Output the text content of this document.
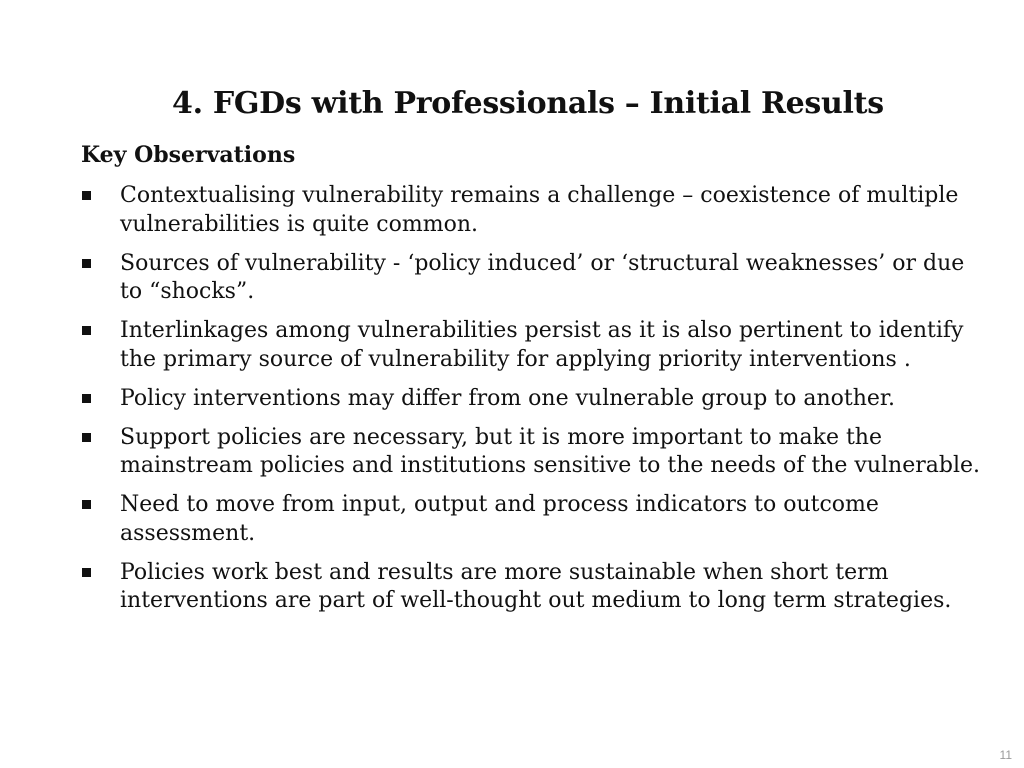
4. FGDs with Professionals – Initial Results
Key Observations
Contextualising vulnerability remains a challenge – coexistence of multiple vulnerabilities is quite common.
Sources of vulnerability - ‘policy induced’ or ‘structural weaknesses’ or due to “shocks”.
Interlinkages among vulnerabilities persist as it is also pertinent to identify the primary source of vulnerability for applying priority interventions .
Policy interventions may differ from one vulnerable group to another.
Support policies are necessary, but it is more important to make the mainstream policies and institutions sensitive to the needs of the vulnerable.
Need to move from input, output and process indicators to outcome assessment.
Policies work best and results are more sustainable when short term interventions are part of well-thought out medium to long term strategies.
11
